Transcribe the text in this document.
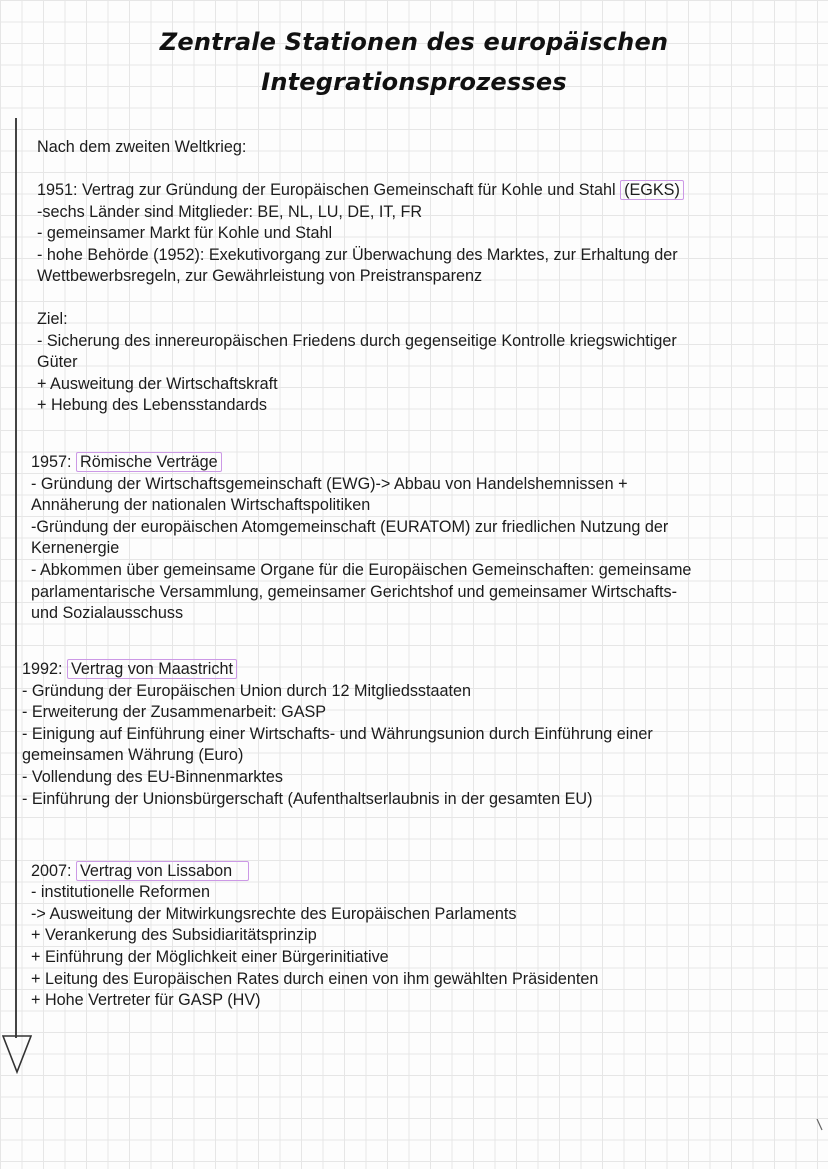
Zentrale Stationen des europäischen
Integrationsprozesses
Nach dem zweiten Weltkrieg:
1951: Vertrag zur Gründung der Europäischen Gemeinschaft für Kohle und Stahl (EGKS)
-sechs Länder sind Mitglieder: BE, NL, LU, DE, IT, FR
- gemeinsamer Markt für Kohle und Stahl
- hohe Behörde (1952): Exekutivorgang zur Überwachung des Marktes, zur Erhaltung der
Wettbewerbsregeln, zur Gewährleistung von Preistransparenz
Ziel:
- Sicherung des innereuropäischen Friedens durch gegenseitige Kontrolle kriegswichtiger
Güter
+ Ausweitung der Wirtschaftskraft
+ Hebung des Lebensstandards
1957: Römische Verträge
- Gründung der Wirtschaftsgemeinschaft (EWG)-> Abbau von Handelshemnissen +
Annäherung der nationalen Wirtschaftspolitiken
-Gründung der europäischen Atomgemeinschaft (EURATOM) zur friedlichen Nutzung der
Kernenergie
- Abkommen über gemeinsame Organe für die Europäischen Gemeinschaften: gemeinsame
parlamentarische Versammlung, gemeinsamer Gerichtshof und gemeinsamer Wirtschafts-
und Sozialausschuss
1992: Vertrag von Maastricht
- Gründung der Europäischen Union durch 12 Mitgliedsstaaten
- Erweiterung der Zusammenarbeit: GASP
- Einigung auf Einführung einer Wirtschafts- und Währungsunion durch Einführung einer
gemeinsamen Währung (Euro)
- Vollendung des EU-Binnenmarktes
- Einführung der Unionsbürgerschaft (Aufenthaltserlaubnis in der gesamten EU)
2007: Vertrag von Lissabon
- institutionelle Reformen
-> Ausweitung der Mitwirkungsrechte des Europäischen Parlaments
+ Verankerung des Subsidiaritätsprinzip
+ Einführung der Möglichkeit einer Bürgerinitiative
+ Leitung des Europäischen Rates durch einen von ihm gewählten Präsidenten
+ Hohe Vertreter für GASP (HV)
